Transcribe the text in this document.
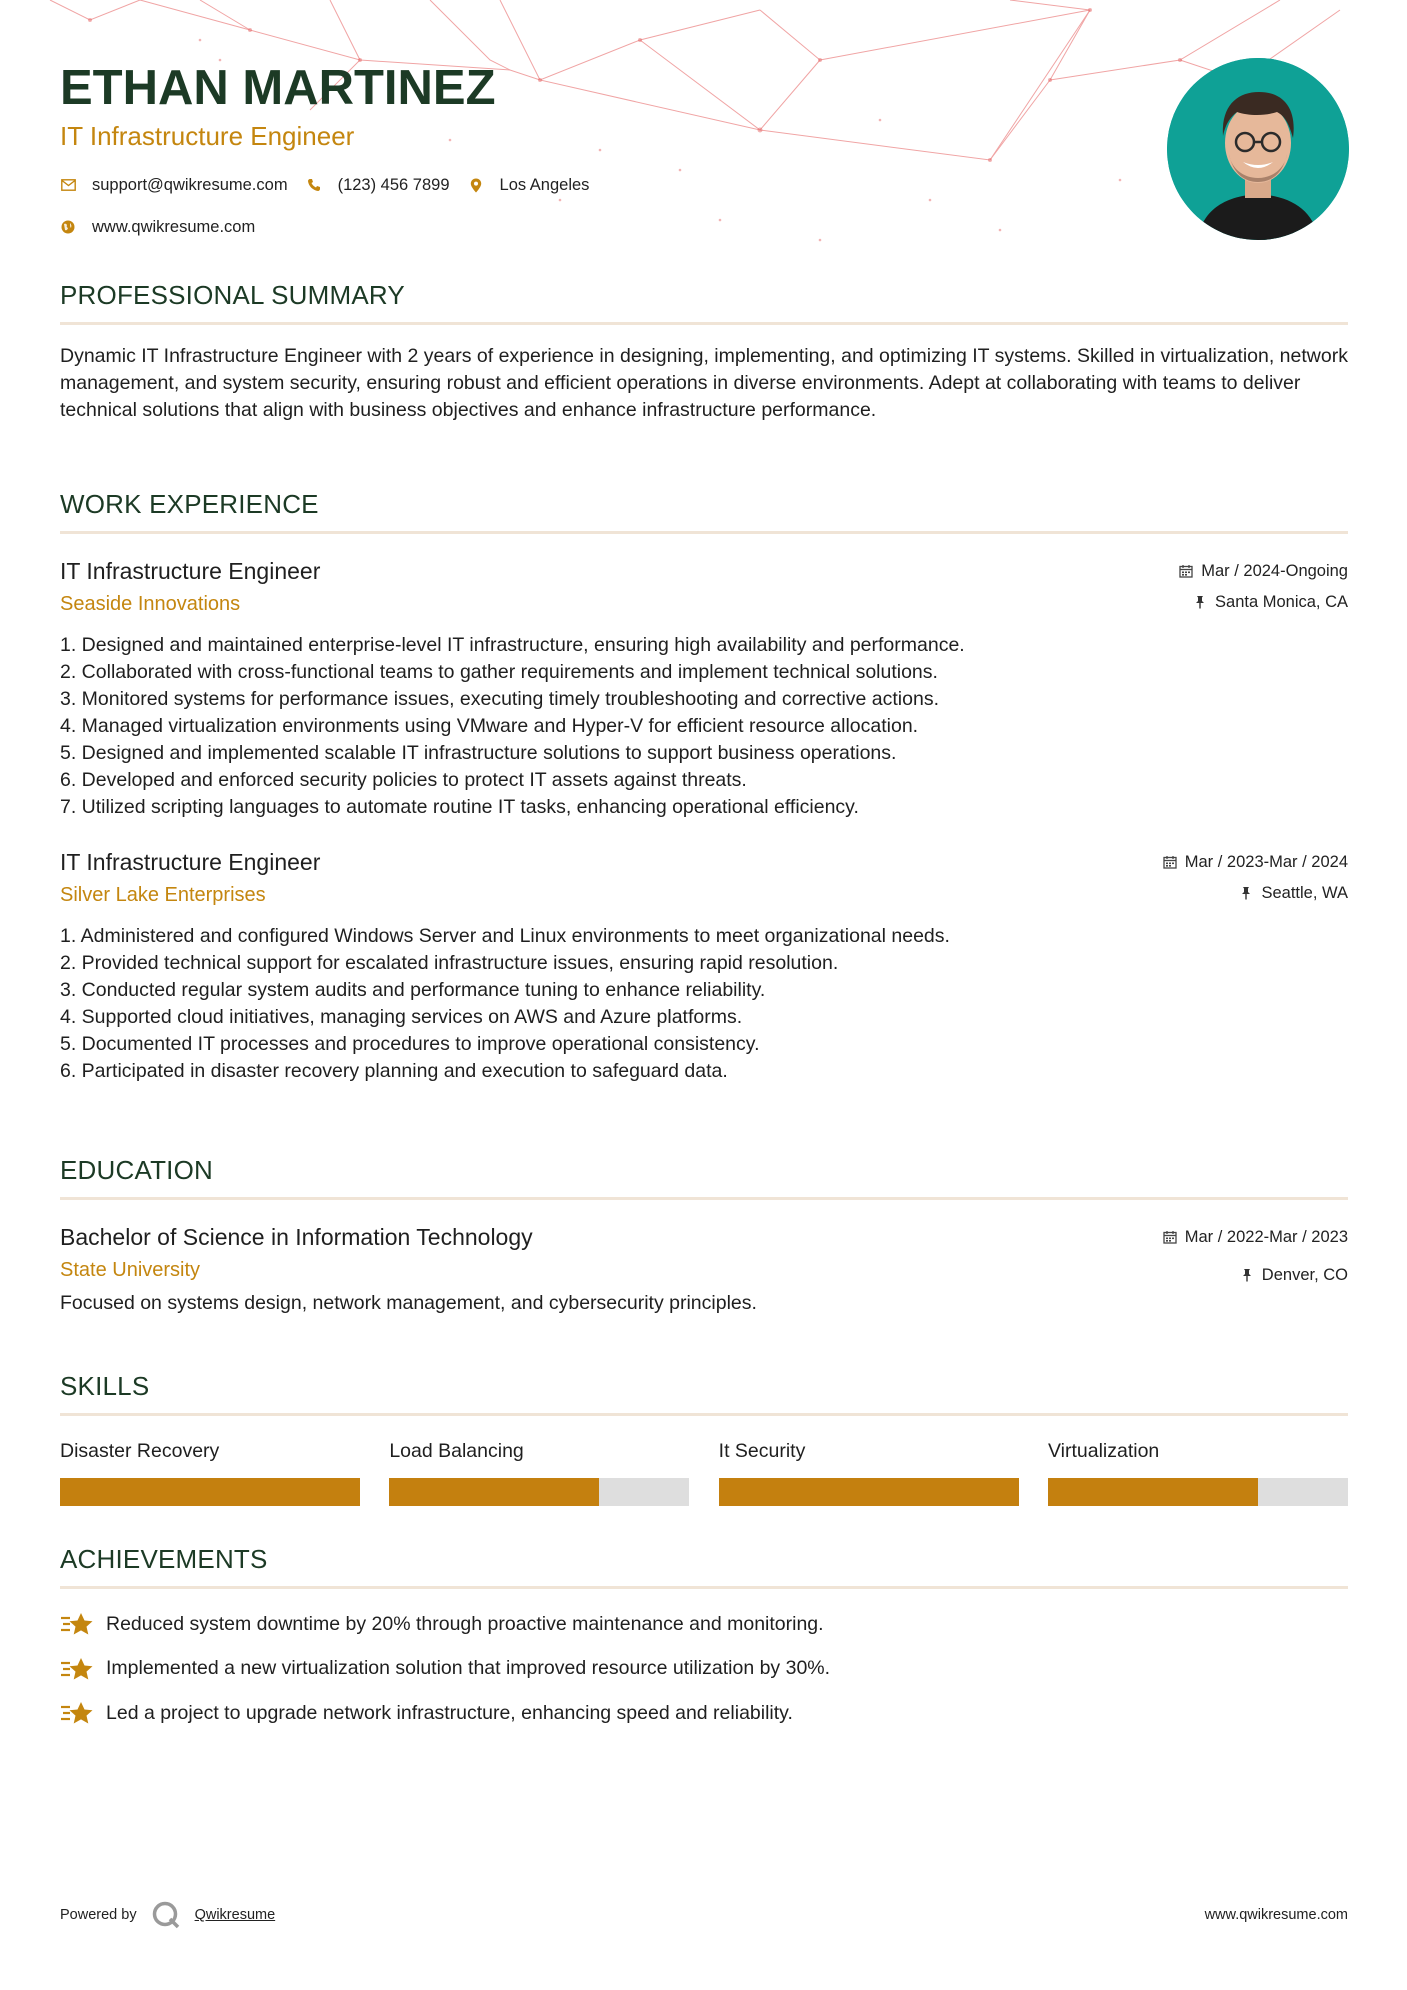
ETHAN MARTINEZ
IT Infrastructure Engineer
support@qwikresume.com	(123) 456 7899	Los Angeles
www.qwikresume.com
PROFESSIONAL SUMMARY
Dynamic IT Infrastructure Engineer with 2 years of experience in designing, implementing, and optimizing IT systems. Skilled in virtualization, network management, and system security, ensuring robust and efficient operations in diverse environments. Adept at collaborating with teams to deliver technical solutions that align with business objectives and enhance infrastructure performance.
WORK EXPERIENCE
IT Infrastructure Engineer
Seaside Innovations
Mar / 2024-Ongoing
Santa Monica, CA
1. Designed and maintained enterprise-level IT infrastructure, ensuring high availability and performance.
2. Collaborated with cross-functional teams to gather requirements and implement technical solutions.
3. Monitored systems for performance issues, executing timely troubleshooting and corrective actions.
4. Managed virtualization environments using VMware and Hyper-V for efficient resource allocation.
5. Designed and implemented scalable IT infrastructure solutions to support business operations.
6. Developed and enforced security policies to protect IT assets against threats.
7. Utilized scripting languages to automate routine IT tasks, enhancing operational efficiency.
IT Infrastructure Engineer
Silver Lake Enterprises
Mar / 2023-Mar / 2024
Seattle, WA
1. Administered and configured Windows Server and Linux environments to meet organizational needs.
2. Provided technical support for escalated infrastructure issues, ensuring rapid resolution.
3. Conducted regular system audits and performance tuning to enhance reliability.
4. Supported cloud initiatives, managing services on AWS and Azure platforms.
5. Documented IT processes and procedures to improve operational consistency.
6. Participated in disaster recovery planning and execution to safeguard data.
EDUCATION
Bachelor of Science in Information Technology
State University
Mar / 2022-Mar / 2023
Denver, CO
Focused on systems design, network management, and cybersecurity principles.
SKILLS
Disaster Recovery	Load Balancing	It Security	Virtualization
ACHIEVEMENTS
Reduced system downtime by 20% through proactive maintenance and monitoring.
Implemented a new virtualization solution that improved resource utilization by 30%.
Led a project to upgrade network infrastructure, enhancing speed and reliability.
Powered by	Qwikresume	www.qwikresume.com
